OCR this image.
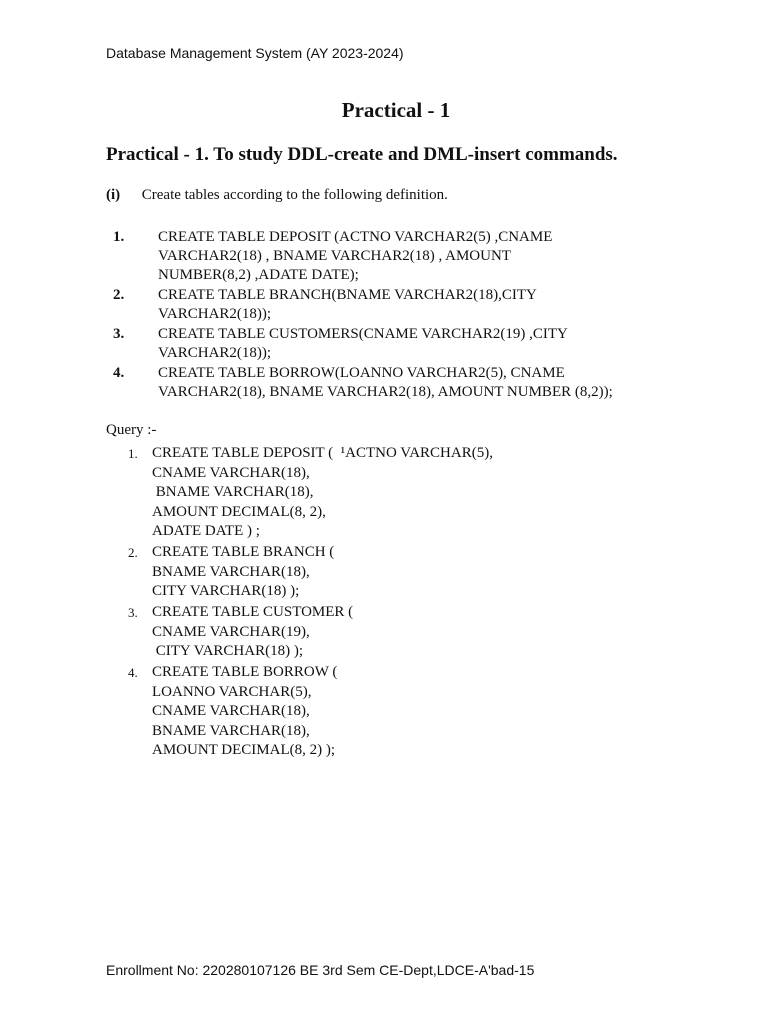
Database Management System (AY 2023-2024)
Practical - 1
Practical - 1. To study DDL-create and DML-insert commands.
(i) Create tables according to the following definition.
1.	CREATE TABLE DEPOSIT (ACTNO VARCHAR2(5) ,CNAME
VARCHAR2(18) , BNAME VARCHAR2(18) , AMOUNT
NUMBER(8,2) ,ADATE DATE);
2.	CREATE TABLE BRANCH(BNAME VARCHAR2(18),CITY
VARCHAR2(18));
3.	CREATE TABLE CUSTOMERS(CNAME VARCHAR2(19) ,CITY
VARCHAR2(18));
4.	CREATE TABLE BORROW(LOANNO VARCHAR2(5), CNAME
VARCHAR2(18), BNAME VARCHAR2(18), AMOUNT NUMBER (8,2));
Query :-
1. CREATE TABLE DEPOSIT (  ¹ACTNO VARCHAR(5),
CNAME VARCHAR(18),
BNAME VARCHAR(18),
AMOUNT DECIMAL(8, 2),
ADATE DATE ) ;
2. CREATE TABLE BRANCH (
BNAME VARCHAR(18),
CITY VARCHAR(18) );
3. CREATE TABLE CUSTOMER (
CNAME VARCHAR(19),
CITY VARCHAR(18) );
4. CREATE TABLE BORROW (
LOANNO VARCHAR(5),
CNAME VARCHAR(18),
BNAME VARCHAR(18),
AMOUNT DECIMAL(8, 2) );
Enrollment No: 220280107126 BE 3rd Sem CE-Dept,LDCE-A'bad-15
